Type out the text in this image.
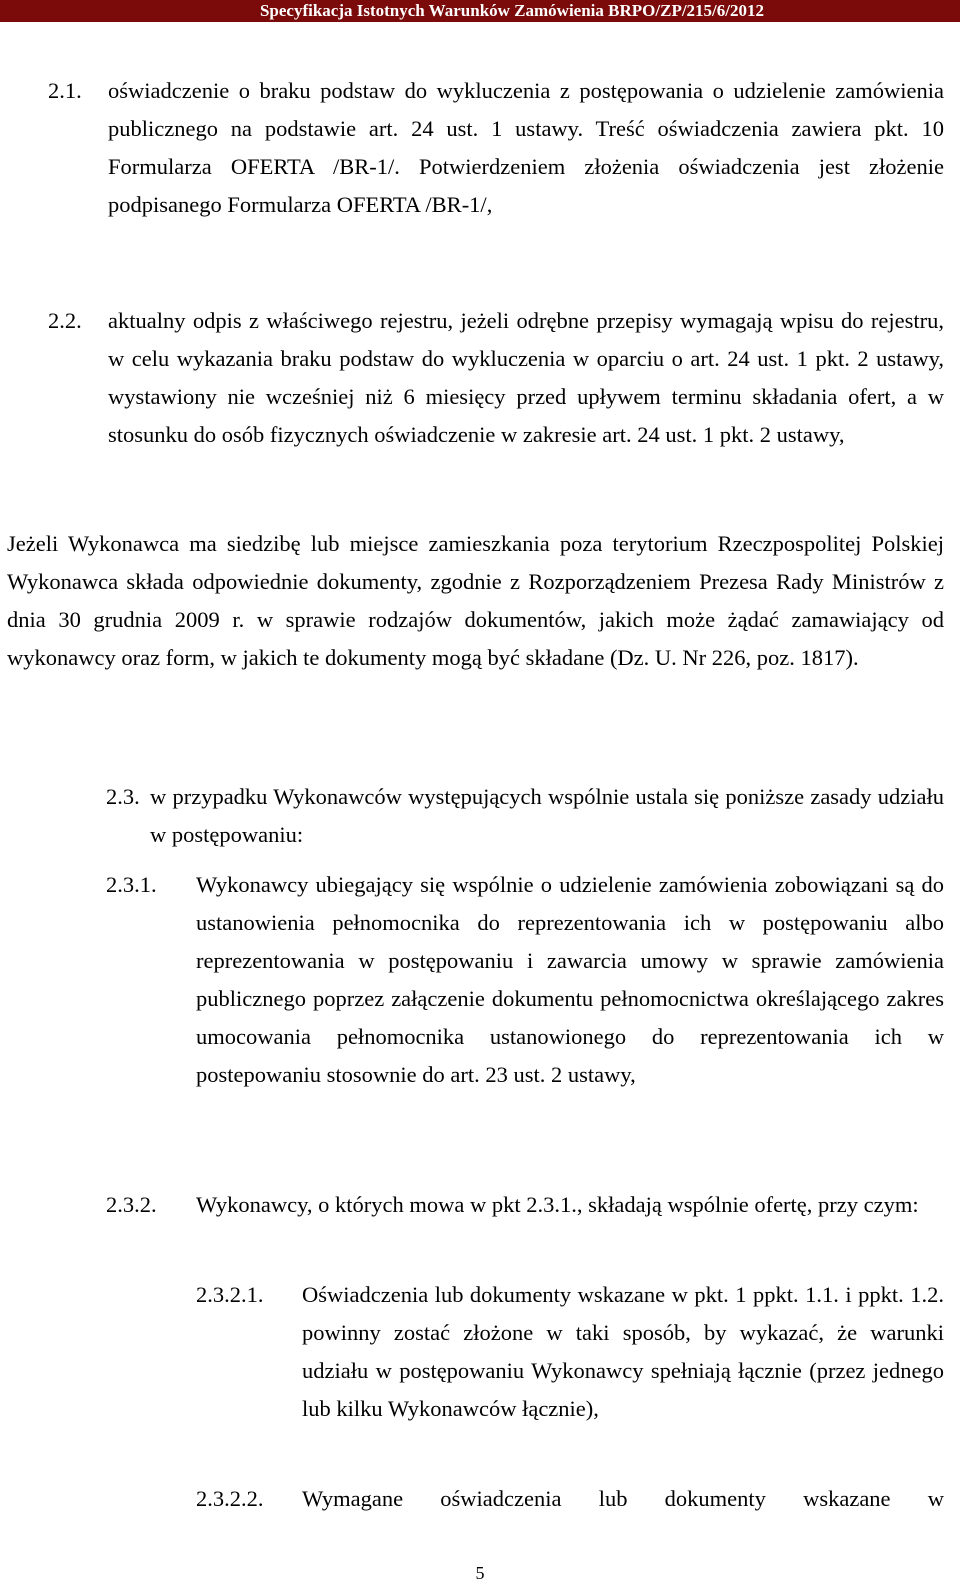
Specyfikacja Istotnych Warunków Zamówienia BRPO/ZP/215/6/2012
2.1.	oświadczenie o braku podstaw do wykluczenia z postępowania o udzielenie zamówienia publicznego na podstawie art. 24 ust. 1 ustawy. Treść oświadczenia zawiera pkt. 10 Formularza OFERTA /BR-1/. Potwierdzeniem złożenia oświadczenia jest złożenie podpisanego Formularza OFERTA /BR-1/,
2.2.	aktualny odpis z właściwego rejestru, jeżeli odrębne przepisy wymagają wpisu do rejestru, w celu wykazania braku podstaw do wykluczenia w oparciu o art. 24 ust. 1 pkt. 2 ustawy, wystawiony nie wcześniej niż 6 miesięcy przed upływem terminu składania ofert, a w stosunku do osób fizycznych oświadczenie w zakresie art. 24 ust. 1 pkt. 2 ustawy,
Jeżeli Wykonawca ma siedzibę lub miejsce zamieszkania poza terytorium Rzeczpospolitej Polskiej Wykonawca składa odpowiednie dokumenty, zgodnie z Rozporządzeniem Prezesa Rady Ministrów z dnia 30 grudnia 2009 r. w sprawie rodzajów dokumentów, jakich może żądać zamawiający od wykonawcy oraz form, w jakich te dokumenty mogą być składane (Dz. U. Nr 226, poz. 1817).
2.3. w przypadku Wykonawców występujących wspólnie ustala się poniższe zasady udziału w postępowaniu:
2.3.1.	Wykonawcy ubiegający się wspólnie o udzielenie zamówienia zobowiązani są do ustanowienia pełnomocnika do reprezentowania ich w postępowaniu albo reprezentowania w postępowaniu i zawarcia umowy w sprawie zamówienia publicznego poprzez załączenie dokumentu pełnomocnictwa określającego zakres umocowania pełnomocnika ustanowionego do reprezentowania ich w postepowaniu stosownie do art. 23 ust. 2 ustawy,
2.3.2.	Wykonawcy, o których mowa w pkt 2.3.1., składają wspólnie ofertę, przy czym:
2.3.2.1.	Oświadczenia lub dokumenty wskazane w pkt. 1 ppkt. 1.1. i ppkt. 1.2. powinny zostać złożone w taki sposób, by wykazać, że warunki udziału w postępowaniu Wykonawcy spełniają łącznie (przez jednego lub kilku Wykonawców łącznie),
2.3.2.2.	Wymagane oświadczenia lub dokumenty wskazane w
5
